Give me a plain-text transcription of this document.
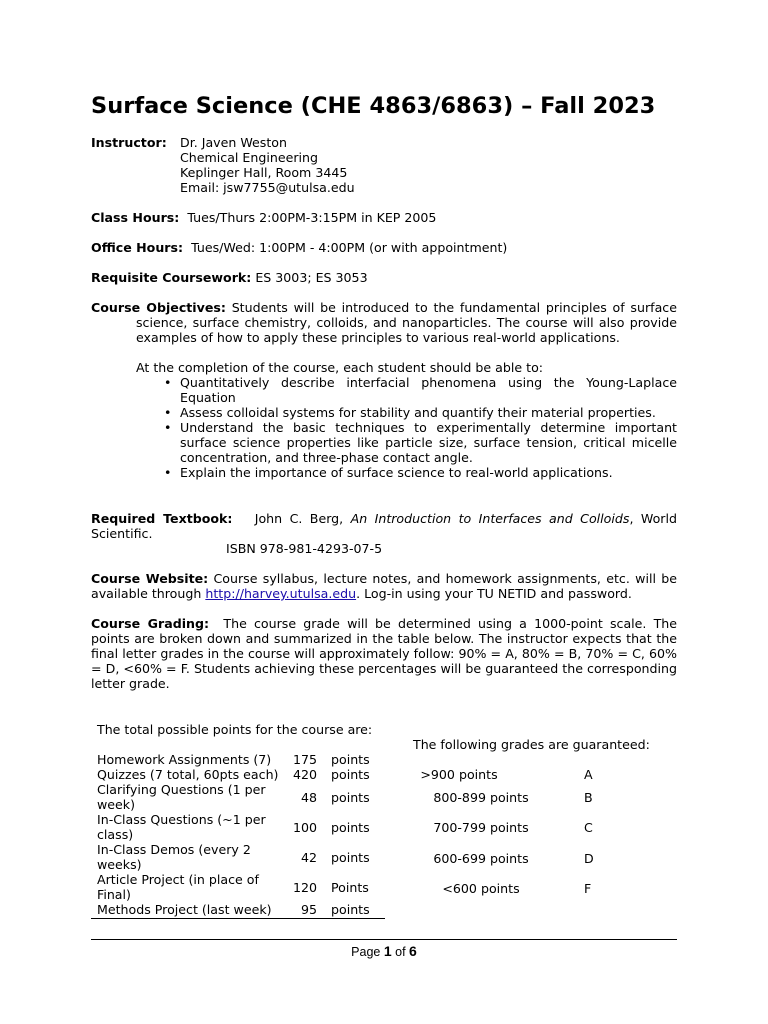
Surface Science (CHE 4863/6863) – Fall 2023
Instructor: Dr. Javen Weston
Chemical Engineering
Keplinger Hall, Room 3445
Email: jsw7755@utulsa.edu
Class Hours: Tues/Thurs 2:00PM-3:15PM in KEP 2005
Office Hours: Tues/Wed: 1:00PM - 4:00PM (or with appointment)
Requisite Coursework: ES 3003; ES 3053
Course Objectives: Students will be introduced to the fundamental principles of surface science, surface chemistry, colloids, and nanoparticles. The course will also provide examples of how to apply these principles to various real-world applications.
At the completion of the course, each student should be able to:
• Quantitatively describe interfacial phenomena using the Young-Laplace Equation
• Assess colloidal systems for stability and quantify their material properties.
• Understand the basic techniques to experimentally determine important surface science properties like particle size, surface tension, critical micelle concentration, and three-phase contact angle.
• Explain the importance of surface science to real-world applications.
Required Textbook: John C. Berg, An Introduction to Interfaces and Colloids, World Scientific.
ISBN 978-981-4293-07-5
Course Website: Course syllabus, lecture notes, and homework assignments, etc. will be available through http://harvey.utulsa.edu. Log-in using your TU NETID and password.
Course Grading: The course grade will be determined using a 1000-point scale. The points are broken down and summarized in the table below. The instructor expects that the final letter grades in the course will approximately follow: 90% = A, 80% = B, 70% = C, 60% = D, <60% = F. Students achieving these percentages will be guaranteed the corresponding letter grade.
The total possible points for the course are:
Homework Assignments (7)	175	points
Quizzes (7 total, 60pts each)	420	points
Clarifying Questions (1 per week)	48	points
In-Class Questions (~1 per class)	100	points
In-Class Demos (every 2 weeks)	42	points
Article Project (in place of Final)	120	Points
Methods Project (last week)	95	points
The following grades are guaranteed:
>900 points	A
800-899 points	B
700-799 points	C
600-699 points	D
<600 points	F
Page 1 of 6
